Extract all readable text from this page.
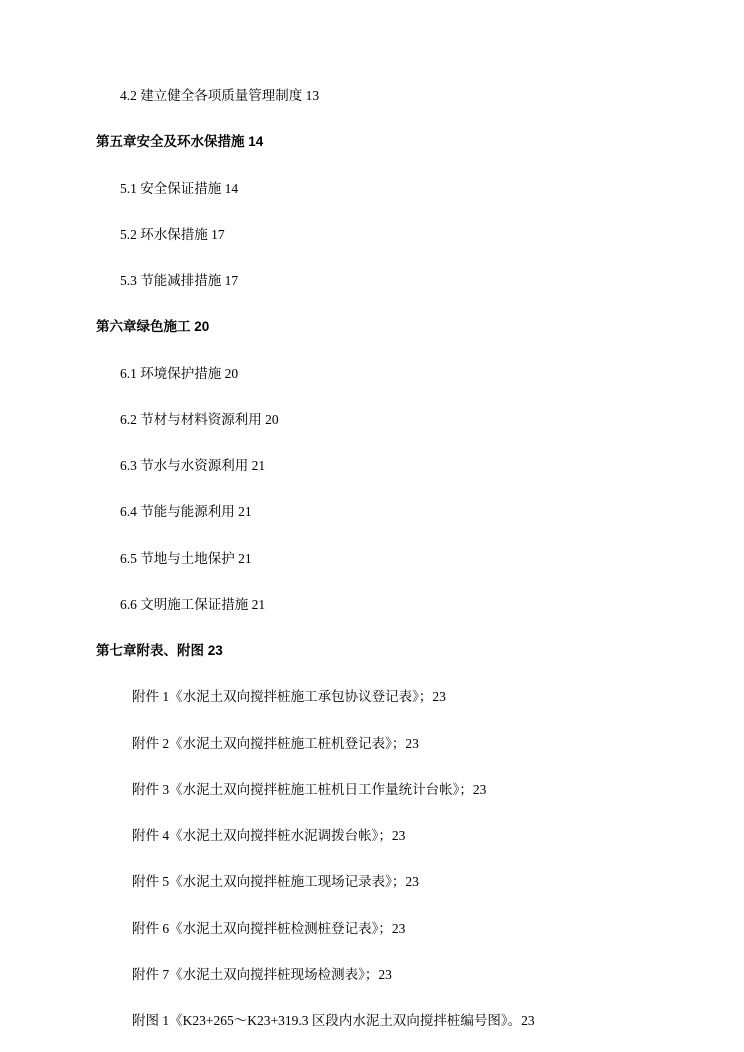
4.2 建立健全各项质量管理制度 13
第五章安全及环水保措施 14
5.1 安全保证措施 14
5.2 环水保措施 17
5.3 节能减排措施 17
第六章绿色施工 20
6.1 环境保护措施 20
6.2 节材与材料资源利用 20
6.3 节水与水资源利用 21
6.4 节能与能源利用 21
6.5 节地与土地保护 21
6.6 文明施工保证措施 21
第七章附表、附图 23
附件 1《水泥土双向搅拌桩施工承包协议登记表》；23
附件 2《水泥土双向搅拌桩施工桩机登记表》；23
附件 3《水泥土双向搅拌桩施工桩机日工作量统计台帐》；23
附件 4《水泥土双向搅拌桩水泥调拨台帐》；23
附件 5《水泥土双向搅拌桩施工现场记录表》；23
附件 6《水泥土双向搅拌桩检测桩登记表》；23
附件 7《水泥土双向搅拌桩现场检测表》；23
附图 1《K23+265～K23+319.3 区段内水泥土双向搅拌桩编号图》。23
